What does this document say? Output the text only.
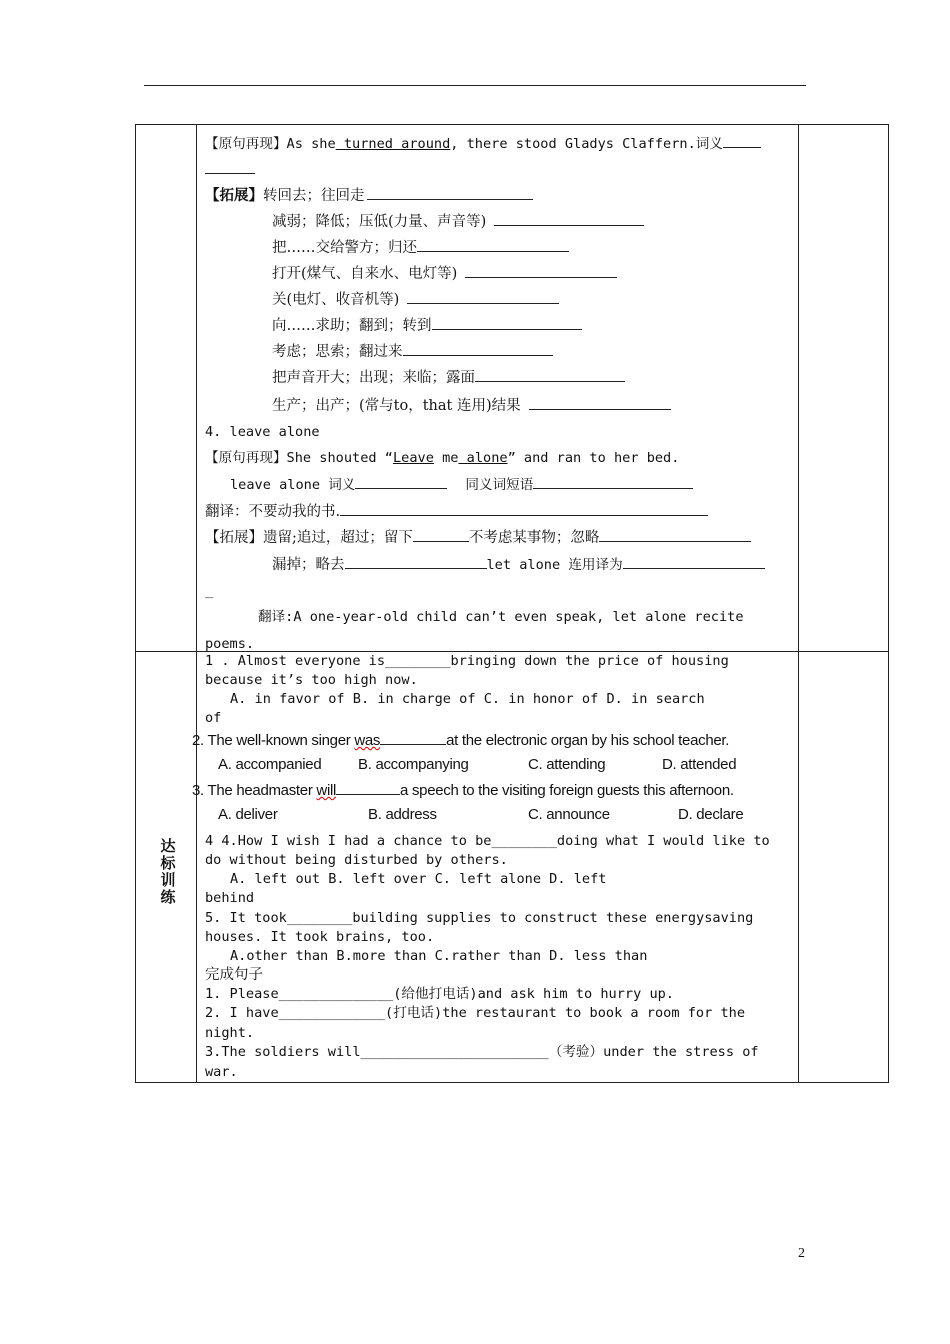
【原句再现】As she turned around, there stood Gladys Claffern.词义
【拓展】转回去；往回走
减弱；降低；压低(力量、声音等)
把……交给警方；归还
打开(煤气、自来水、电灯等)
关(电灯、收音机等)
向……求助；翻到；转到
考虑；思索；翻过来
把声音开大；出现；来临；露面
生产；出产；(常与to，that 连用)结果
4. leave alone
【原句再现】She shouted “Leave me alone” and ran to her bed.
leave alone 词义	同义词短语
翻译：不要动我的书.
【拓展】遗留;追过，超过；留下	不考虑某事物；忽略
漏掉；略去	let alone 连用译为
_
翻译:A one-year-old child can’t even speak, let alone recite
poems.
达
标
训
练
1 . Almost everyone is________bringing down the price of housing
because it’s too high now.
A. in favor of B. in charge of C. in honor of D. in search
of
2. The well-known singer was	at the electronic organ by his school teacher.
A. accompanied B. accompanying	C. attending	D. attended
3. The headmaster will	a speech to the visiting foreign guests this afternoon.
A. deliver	B. address	C. announce	D. declare
4 4.How I wish I had a chance to be________doing what I would like to
do without being disturbed by others.
A. left out B. left over C. left alone D. left
behind
5. It took________building supplies to construct these energysaving
houses. It took brains, too.
A.other than B.more than C.rather than D. less than
完成句子
1. Please______________(给他打电话)and ask him to hurry up.
2. I have_____________(打电话)the restaurant to book a room for the
night.
3.The soldiers will_______________________（考验）under the stress of
war.
2
